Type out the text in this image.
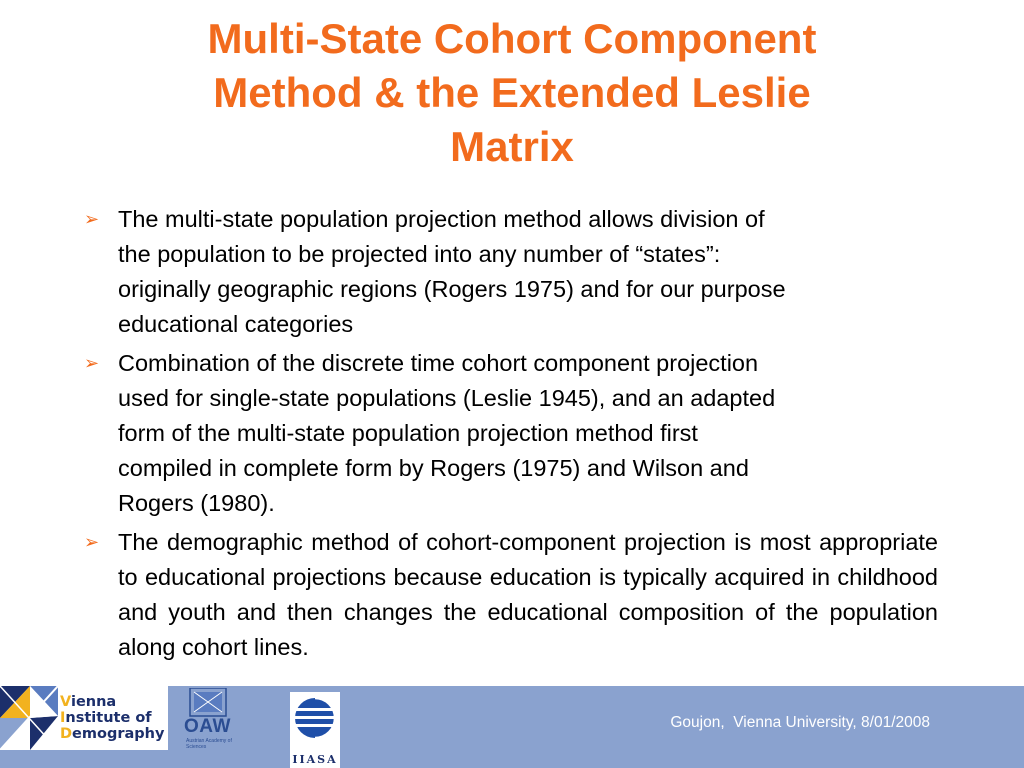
Multi-State Cohort Component
Method & the Extended Leslie
Matrix
➢ The multi-state population projection method allows division of
the population to be projected into any number of “states”:
originally geographic regions (Rogers 1975) and for our purpose
educational categories
➢ Combination of the discrete time cohort component projection
used for single-state populations (Leslie 1945), and an adapted
form of the multi-state population projection method first
compiled in complete form by Rogers (1975) and Wilson and
Rogers (1980).
➢ The demographic method of cohort-component projection is most appropriate to educational projections because education is typically acquired in childhood and youth and then changes the educational composition of the population along cohort lines.
Vienna
Institute of
Demography OAW
Austrian Academy of Sciences
IIASA
Goujon,  Vienna University, 8/01/2008
